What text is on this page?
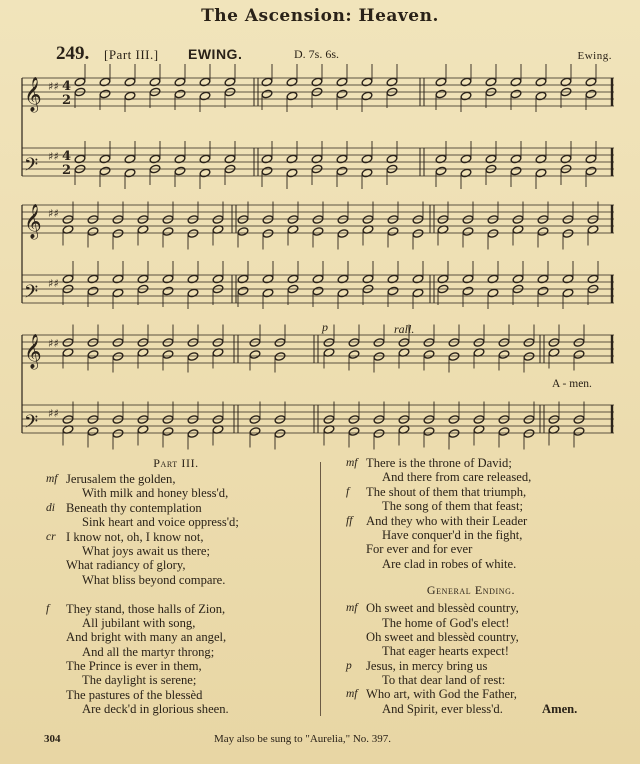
The Ascension: Heaven.
249. [Part III.] EWING.	D. 7s. 6s.	Ewing.
𝄞 ♯♯ 4
2
𝄢 ♯♯ 4
2
𝄞 ♯♯
𝄢 ♯♯
𝄞 ♯♯
𝄢 ♯♯
p	rall.
A - men.
Part III.
mf Jerusalem the golden,
With milk and honey bless'd,
di Beneath thy contemplation
Sink heart and voice oppress'd;
cr I know not, oh, I know not,
What joys await us there;
What radiancy of glory,
What bliss beyond compare.
f They stand, those halls of Zion,
All jubilant with song,
And bright with many an angel,
And all the martyr throng;
The Prince is ever in them,
The daylight is serene;
The pastures of the blessèd
Are deck'd in glorious sheen.
mf There is the throne of David;
And there from care released,
f The shout of them that triumph,
The song of them that feast;
ff And they who with their Leader
Have conquer'd in the fight,
For ever and for ever
Are clad in robes of white.
General Ending.
mf Oh sweet and blessèd country,
The home of God's elect!
Oh sweet and blessèd country,
That eager hearts expect!
p Jesus, in mercy bring us
To that dear land of rest:
mf Who art, with God the Father,
And Spirit, ever bless'd.	Amen.
304	May also be sung to "Aurelia," No. 397.
